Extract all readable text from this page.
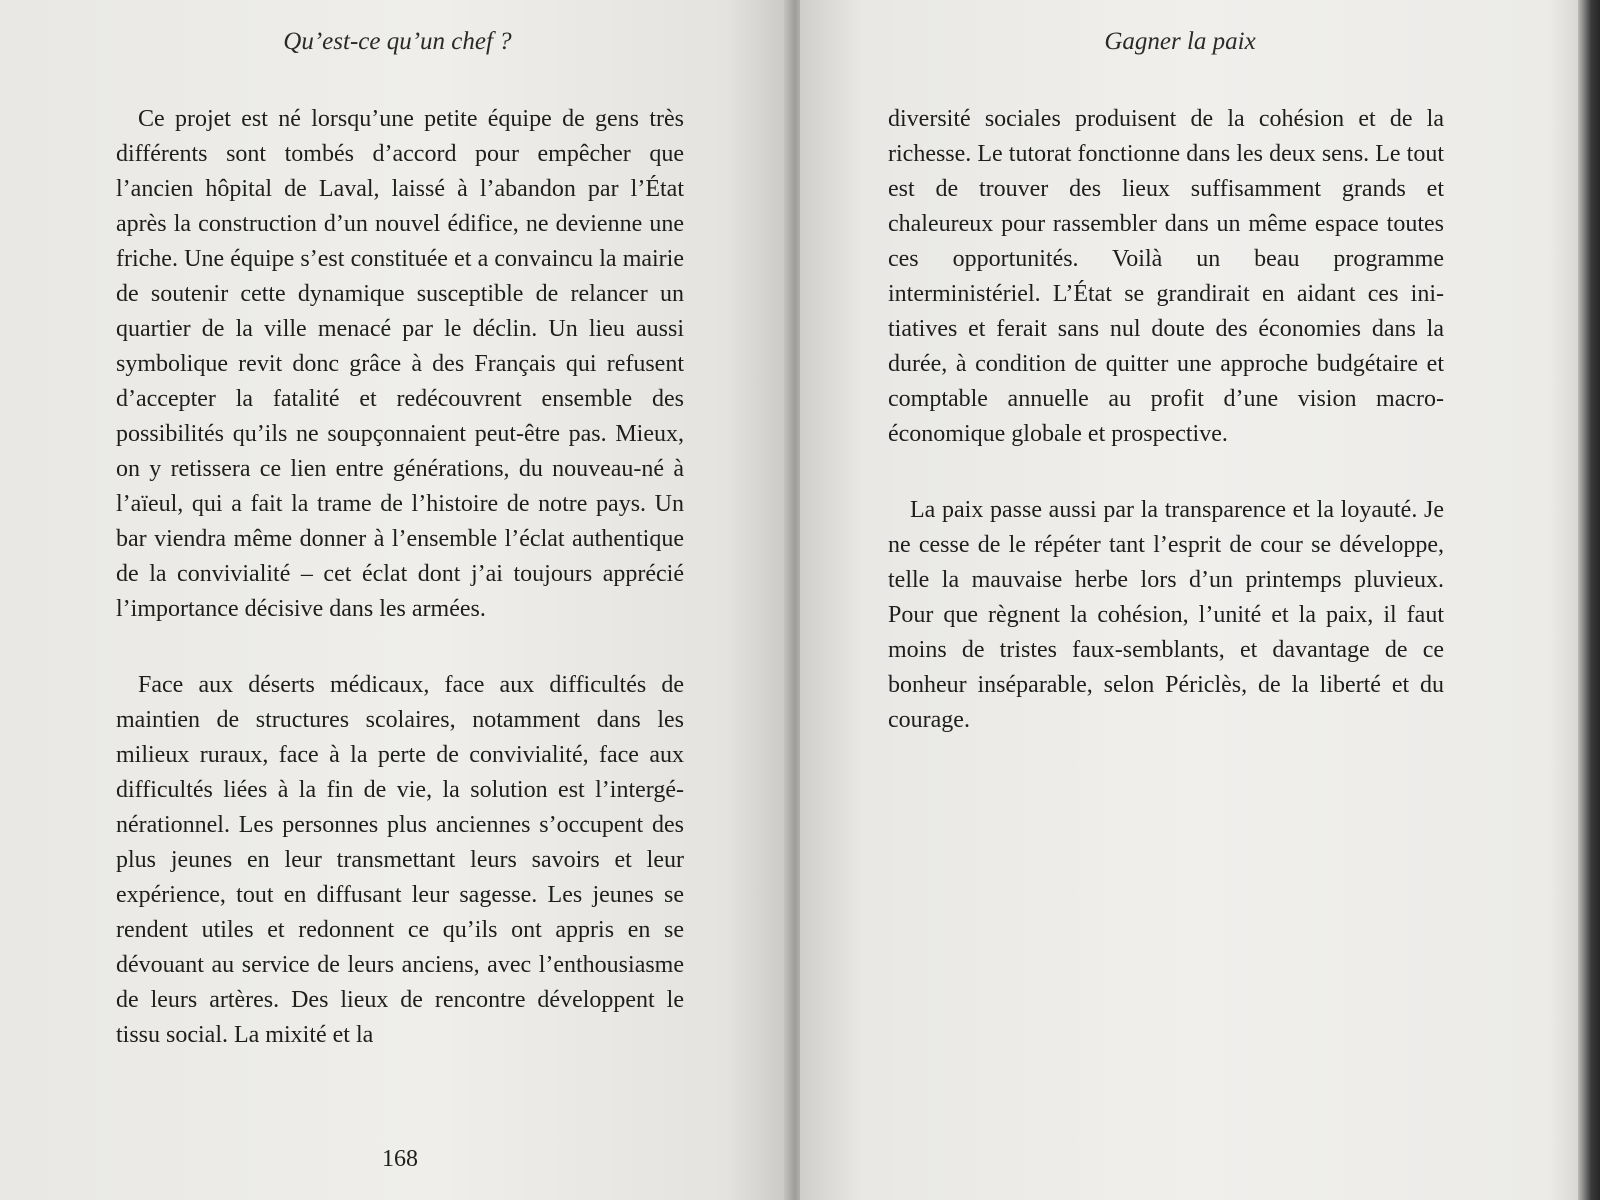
Qu’est-ce qu’un chef ?

Ce projet est né lorsqu’une petite équipe de gens très différents sont tombés d’accord pour empêcher que l’ancien hôpital de Laval, laissé à l’abandon par l’État après la construction d’un nouvel édifice, ne devienne une friche. Une équipe s’est constituée et a convaincu la mairie de soutenir cette dynamique susceptible de relancer un quartier de la ville menacé par le déclin. Un lieu aussi symbolique revit donc grâce à des Français qui refusent d’accepter la fatalité et redécouvrent ensemble des possibilités qu’ils ne soupçonnaient peut-être pas. Mieux, on y retissera ce lien entre générations, du nouveau-né à l’aïeul, qui a fait la trame de l’histoire de notre pays. Un bar viendra même donner à l’ensemble l’éclat authentique de la convivialité – cet éclat dont j’ai toujours apprécié l’importance décisive dans les armées.

Face aux déserts médicaux, face aux difficultés de maintien de structures scolaires, notamment dans les milieux ruraux, face à la perte de convivialité, face aux difficultés liées à la fin de vie, la solution est l’intergénérationnel. Les personnes plus anciennes s’occupent des plus jeunes en leur transmettant leurs savoirs et leur expérience, tout en diffusant leur sagesse. Les jeunes se rendent utiles et redonnent ce qu’ils ont appris en se dévouant au service de leurs anciens, avec l’enthousiasme de leurs artères. Des lieux de rencontre développent le tissu social. La mixité et la

168
Gagner la paix

diversité sociales produisent de la cohésion et de la richesse. Le tutorat fonctionne dans les deux sens. Le tout est de trouver des lieux suffisamment grands et chaleureux pour rassembler dans un même espace toutes ces opportunités. Voilà un beau programme interministériel. L’État se grandirait en aidant ces initiatives et ferait sans nul doute des économies dans la durée, à condition de quitter une approche budgétaire et comptable annuelle au profit d’une vision macro-économique globale et prospective.

La paix passe aussi par la transparence et la loyauté. Je ne cesse de le répéter tant l’esprit de cour se développe, telle la mauvaise herbe lors d’un printemps pluvieux. Pour que règnent la cohésion, l’unité et la paix, il faut moins de tristes faux-semblants, et davantage de ce bonheur inséparable, selon Périclès, de la liberté et du courage.
